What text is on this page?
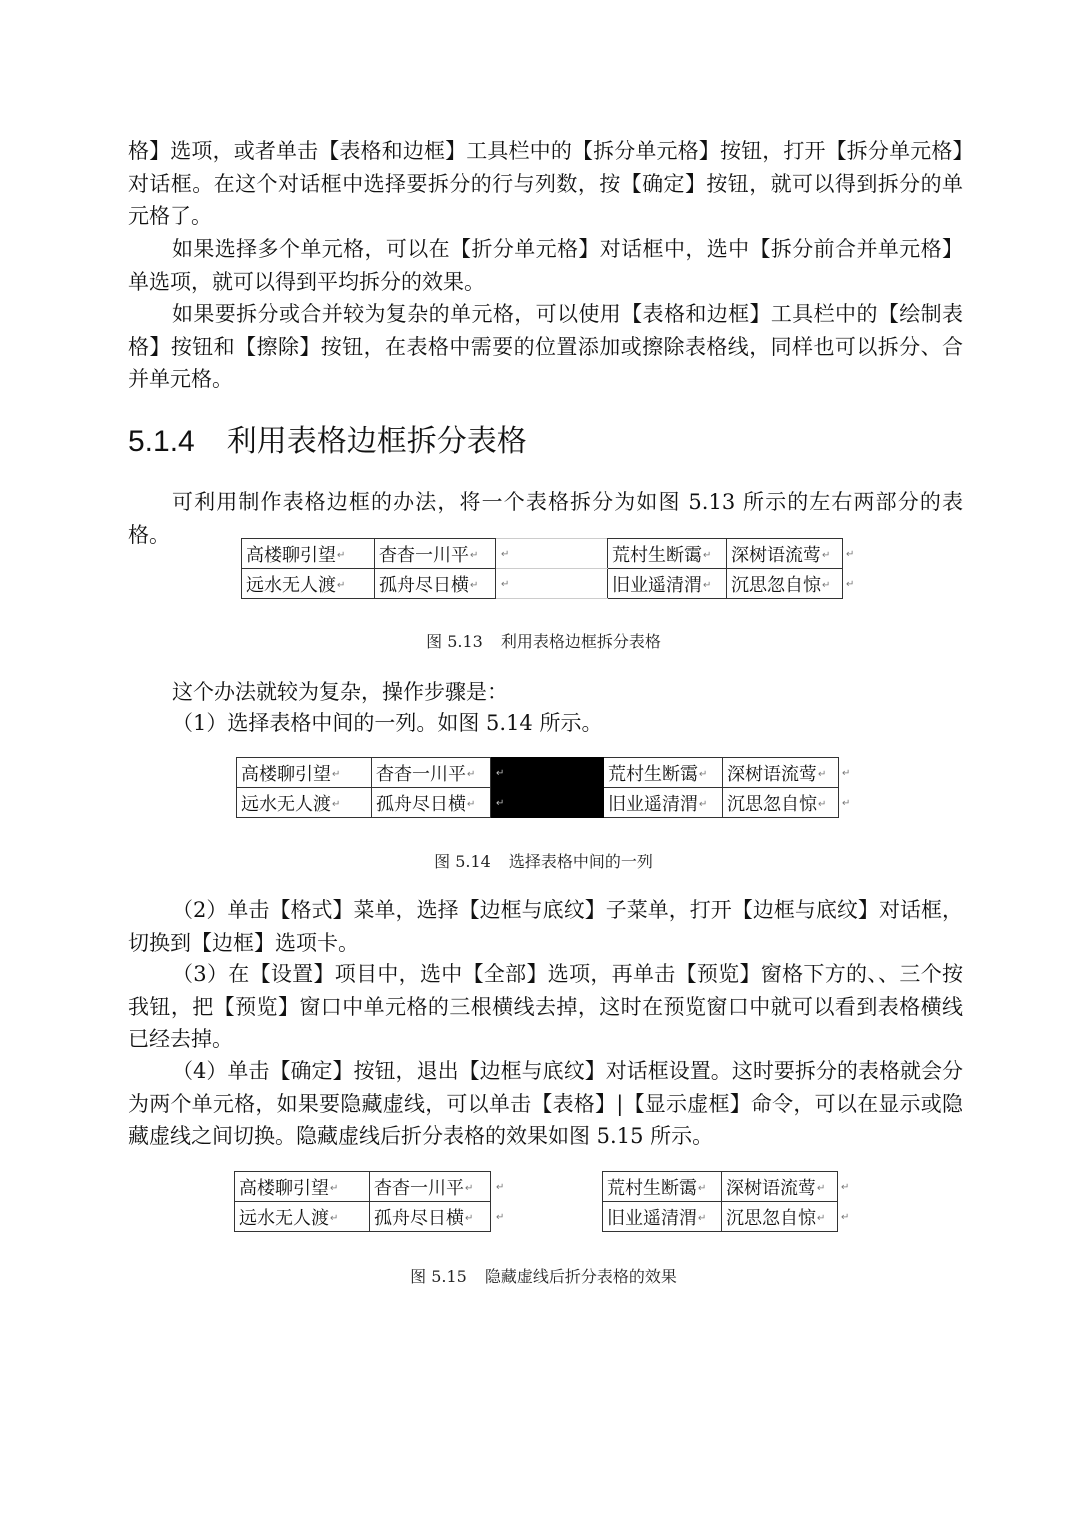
格】选项，或者单击【表格和边框】工具栏中的【拆分单元格】按钮，打开【拆分单元格】对话框。在这个对话框中选择要拆分的行与列数，按【确定】按钮，就可以得到拆分的单元格了。

如果选择多个单元格，可以在【折分单元格】对话框中，选中【拆分前合并单元格】单选项，就可以得到平均拆分的效果。

如果要拆分或合并较为复杂的单元格，可以使用【表格和边框】工具栏中的【绘制表格】按钮和【擦除】按钮，在表格中需要的位置添加或擦除表格线，同样也可以拆分、合并单元格。

5.1.4 利用表格边框拆分表格

可利用制作表格边框的办法，将一个表格拆分为如图 5.13 所示的左右两部分的表格。

高楼聊引望↵	杳杳一川平↵	↵	荒村生断霭↵	深树语流莺↵	↵
远水无人渡↵	孤舟尽日横↵	↵	旧业遥清渭↵	沉思忽自惊↵	↵
图 5.13 利用表格边框拆分表格

这个办法就较为复杂，操作步骤是：

（1）选择表格中间的一列。如图 5.14 所示。

高楼聊引望↵	杳杳一川平↵	↵	荒村生断霭↵	深树语流莺↵	↵
远水无人渡↵	孤舟尽日横↵	↵	旧业遥清渭↵	沉思忽自惊↵	↵
图 5.14 选择表格中间的一列

（2）单击【格式】菜单，选择【边框与底纹】子菜单，打开【边框与底纹】对话框，切换到【边框】选项卡。

（3）在【设置】项目中，选中【全部】选项，再单击【预览】窗格下方的、、三个按我钮，把【预览】窗口中单元格的三根横线去掉，这时在预览窗口中就可以看到表格横线已经去掉。

（4）单击【确定】按钮，退出【边框与底纹】对话框设置。这时要拆分的表格就会分为两个单元格，如果要隐藏虚线，可以单击【表格】|【显示虚框】命令，可以在显示或隐藏虚线之间切换。隐藏虚线后折分表格的效果如图 5.15 所示。

高楼聊引望↵	杳杳一川平↵	↵	荒村生断霭↵	深树语流莺↵	↵
远水无人渡↵	孤舟尽日横↵	↵	旧业遥清渭↵	沉思忽自惊↵	↵
图 5.15 隐藏虚线后折分表格的效果
